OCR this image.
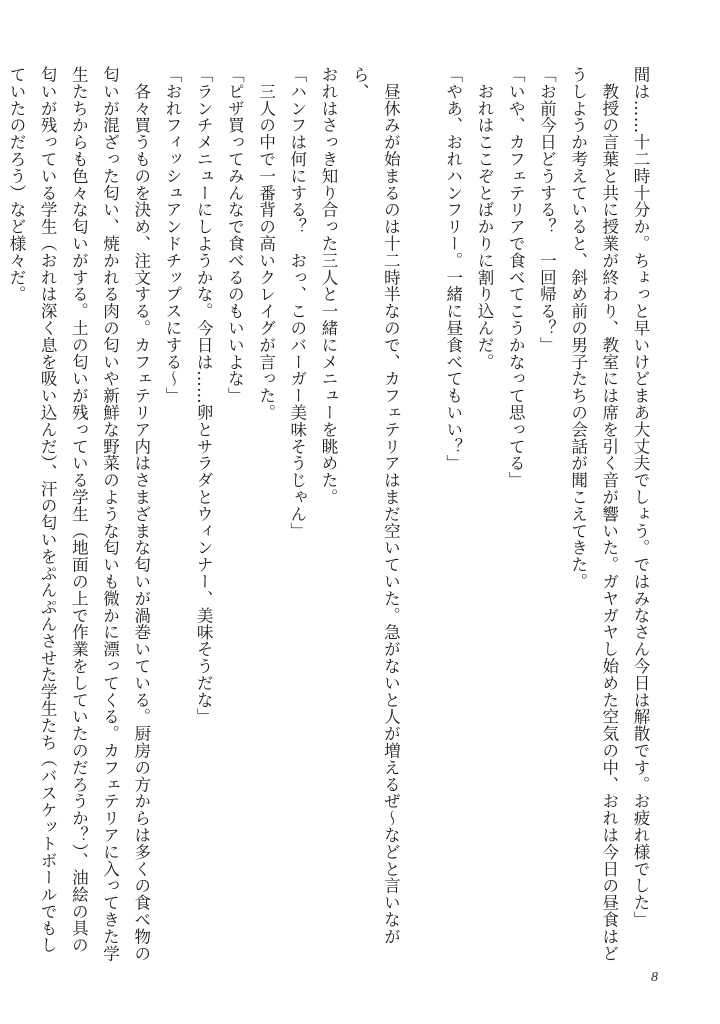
間は……十二時十分か。ちょっと早いけどまあ大丈夫でしょう。ではみなさん今日は解散です。お疲れ様でした」

　教授の言葉と共に授業が終わり、教室には席を引く音が響いた。ガヤガヤし始めた空気の中、おれは今日の昼食はど

うしようか考えていると、斜め前の男子たちの会話が聞こえてきた。

「お前今日どうする？　一回帰る？」

「いや、カフェテリアで食べてこうかなって思ってる」

　おれはここぞとばかりに割り込んだ。

「やあ、おれハンフリー。一緒に昼食べてもいい？」

　昼休みが始まるのは十二時半なので、カフェテリアはまだ空いていた。急がないと人が増えるぜ～などと言いながら、

おれはさっき知り合った三人と一緒にメニューを眺めた。

「ハンフは何にする？　おっ、このバーガー美味そうじゃん」

　三人の中で一番背の高いクレイグが言った。

「ピザ買ってみんなで食べるのもいいよな」

「ランチメニューにしようかな。今日は……卵とサラダとウィンナー、美味そうだな」

「おれフィッシュアンドチップスにする～」

　各々買うものを決め、注文する。カフェテリア内はさまざまな匂いが渦巻いている。厨房の方からは多くの食べ物の

匂いが混ざった匂い、焼かれる肉の匂いや新鮮な野菜のような匂いも微かに漂ってくる。カフェテリアに入ってきた学

生たちからも色々な匂いがする。土の匂いが残っている学生（地面の上で作業をしていたのだろうか？）、油絵の具の

匂いが残っている学生（おれは深く息を吸い込んだ）、汗の匂いをぷんぷんさせた学生たち（バスケットボールでもし

ていたのだろう）など様々だ。

8
